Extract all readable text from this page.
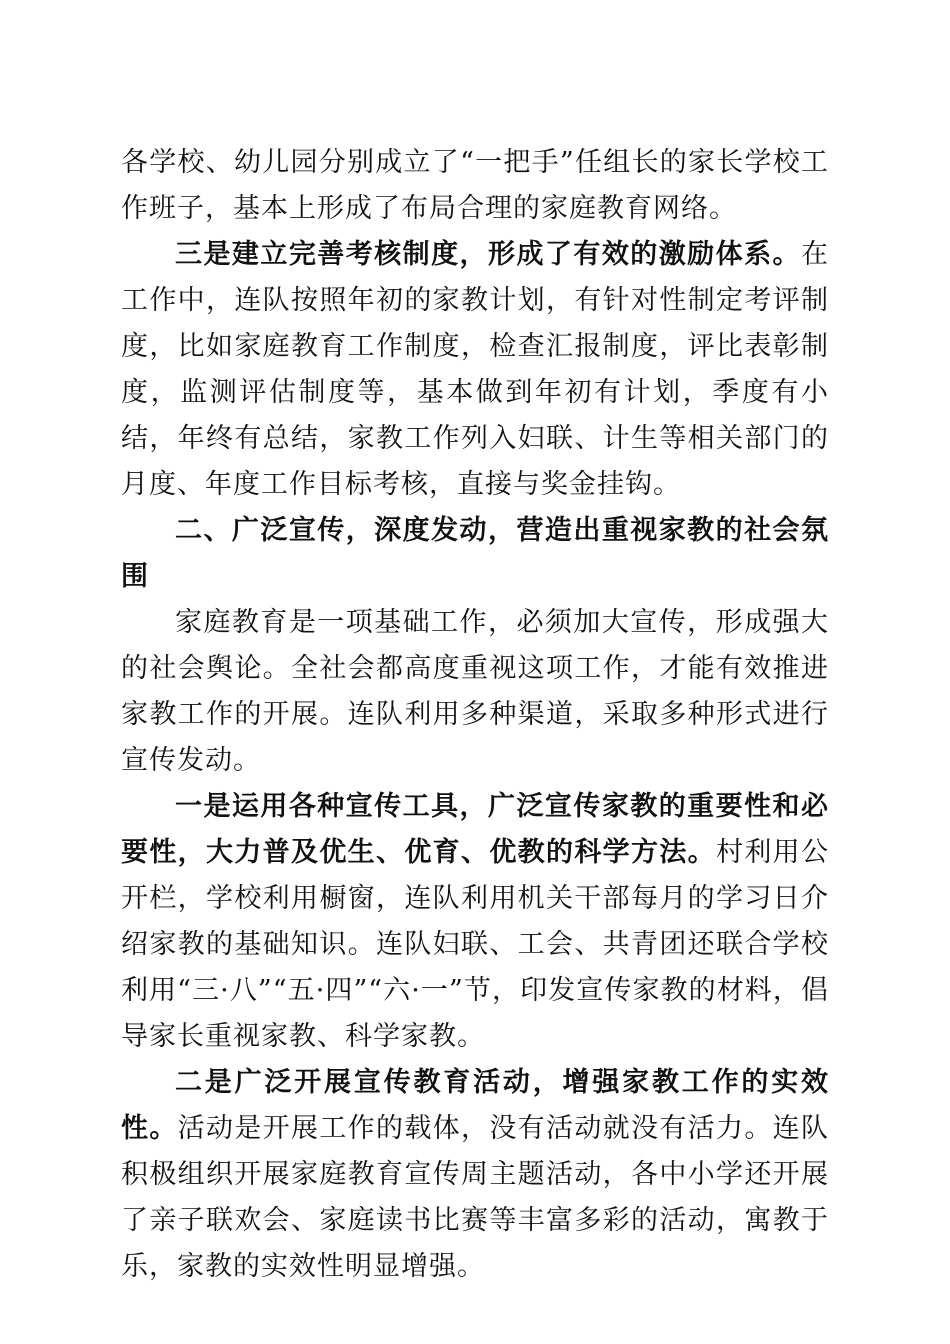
各学校、幼儿园分别成立了“一把手”任组长的家长学校工作班子，基本上形成了布局合理的家庭教育网络。

三是建立完善考核制度，形成了有效的激励体系。在工作中，连队按照年初的家教计划，有针对性制定考评制度，比如家庭教育工作制度，检查汇报制度，评比表彰制度，监测评估制度等，基本做到年初有计划，季度有小结，年终有总结，家教工作列入妇联、计生等相关部门的月度、年度工作目标考核，直接与奖金挂钩。

二、广泛宣传，深度发动，营造出重视家教的社会氛围

家庭教育是一项基础工作，必须加大宣传，形成强大的社会舆论。全社会都高度重视这项工作，才能有效推进家教工作的开展。连队利用多种渠道，采取多种形式进行宣传发动。

一是运用各种宣传工具，广泛宣传家教的重要性和必要性，大力普及优生、优育、优教的科学方法。村利用公开栏，学校利用橱窗，连队利用机关干部每月的学习日介绍家教的基础知识。连队妇联、工会、共青团还联合学校利用“三·八”“五·四”“六·一”节，印发宣传家教的材料，倡导家长重视家教、科学家教。

二是广泛开展宣传教育活动，增强家教工作的实效性。活动是开展工作的载体，没有活动就没有活力。连队积极组织开展家庭教育宣传周主题活动，各中小学还开展了亲子联欢会、家庭读书比赛等丰富多彩的活动，寓教于乐，家教的实效性明显增强。
